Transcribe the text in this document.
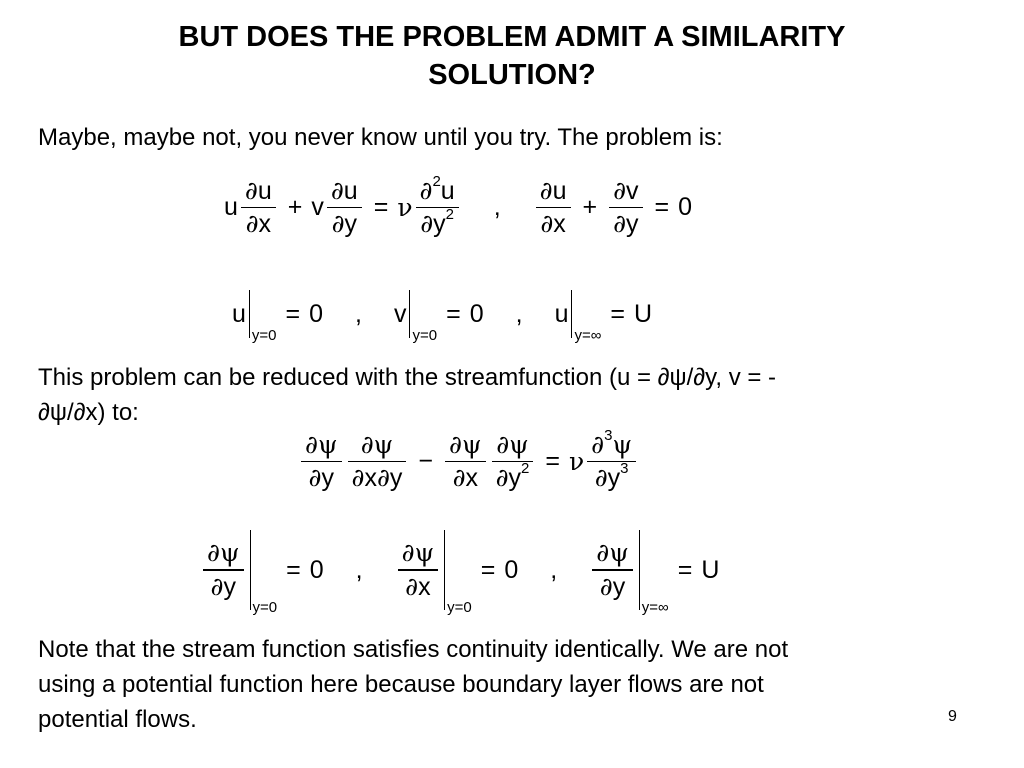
BUT DOES THE PROBLEM ADMIT A SIMILARITY
SOLUTION?
Maybe, maybe not, you never know until you try. The problem is:
u $\frac{\partial u}{\partial x} + v \frac{\partial u}{\partial y} = \nu \frac{\partial^2u}{\partial y^2}$ , $\frac{\partial u}{\partial x} + \frac{\partial v}{\partial y} = 0$
u
y=0
= 0 , v
y=0
= 0 , u
y=∞
= U
This problem can be reduced with the streamfunction (u = ∂ψ/∂y, v = -
∂ψ/∂x) to:
$\frac{\partial\psi}{\partial y} \frac{\partial\psi}{\partial x\partial y} - \frac{\partial\psi}{\partial x} \frac{\partial\psi}{\partial y^2} = \nu \frac{\partial^3\psi}{\partial y^3}$
$\frac{\partial\psi}{\partial y}$
y=0
= 0 , $\frac{\partial\psi}{\partial x}$
y=0
= 0 , $\frac{\partial\psi}{\partial y}$
y=∞
= U
Note that the stream function satisfies continuity identically. We are not
using a potential function here because boundary layer flows are not
potential flows.	9
